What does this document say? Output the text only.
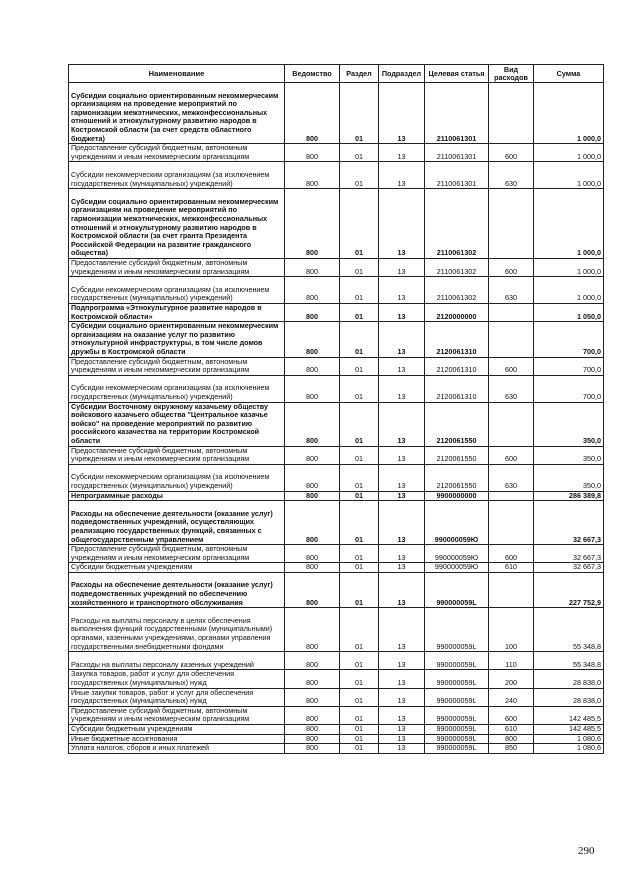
Наименование	Ведомство	Раздел	Подраздел	Целевая статья	Вид расходов	Сумма
Субсидии социально ориентированным некоммерческим организациям на проведение мероприятий по гармонизации межэтнических, межконфессиональных отношений и этнокультурному развитию народов в Костромской области (за счет средств областного бюджета)	800	01	13	2110061301		1 000,0
Предоставление субсидий бюджетным, автономным учреждениям и иным некоммерческим организациям	800	01	13	2110061301	600	1 000,0
Субсидии некоммерческим организациям (за исключением государственных (муниципальных) учреждений)	800	01	13	2110061301	630	1 000,0
Субсидии социально ориентированным некоммерческим организациям на проведение мероприятий по гармонизации межэтнических, межконфессиональных отношений и этнокультурному развитию народов в Костромской области (за счет гранта Президента Российской Федерации на развитие гражданского общества)	800	01	13	2110061302		1 000,0
Предоставление субсидий бюджетным, автономным учреждениям и иным некоммерческим организациям	800	01	13	2110061302	600	1 000,0
Субсидии некоммерческим организациям (за исключением государственных (муниципальных) учреждений)	800	01	13	2110061302	630	1 000,0
Подпрограмма «Этнокультурное развитие народов в Костромской области»	800	01	13	2120000000		1 050,0
Субсидии социально ориентированным некоммерческим организациям на оказание услуг по развитию этнокультурной инфраструктуры, в том числе домов дружбы в Костромской области	800	01	13	2120061310		700,0
Предоставление субсидий бюджетным, автономным учреждениям и иным некоммерческим организациям	800	01	13	2120061310	600	700,0
Субсидии некоммерческим организациям (за исключением государственных (муниципальных) учреждений)	800	01	13	2120061310	630	700,0
Субсидии Восточному окружному казачьему обществу войскового казачьего общества "Центральное казачье войско" на проведение мероприятий по развитию российского казачества на территории Костромской области	800	01	13	2120061550		350,0
Предоставление субсидий бюджетным, автономным учреждениям и иным некоммерческим организациям	800	01	13	2120061550	600	350,0
Субсидии некоммерческим организациям (за исключением государственных (муниципальных) учреждений)	800	01	13	2120061550	630	350,0
Непрограммные расходы	800	01	13	9900000000		286 389,8
Расходы на обеспечение деятельности (оказание услуг) подведомственных учреждений, осуществляющих реализацию государственных функций, связанных с общегосударственным управлением	800	01	13	990000059Ю		32 667,3
Предоставление субсидий бюджетным, автономным учреждениям и иным некоммерческим организациям	800	01	13	990000059Ю	600	32 667,3
Субсидии бюджетным учреждениям	800	01	13	990000059Ю	610	32 667,3
Расходы на обеспечение деятельности (оказание услуг) подведомственных учреждений по обеспечению хозяйственного и транспортного обслуживания	800	01	13	990000059L		227 752,9
Расходы на выплаты персоналу в целях обеспечения выполнения функций государственными (муниципальными) органами, казенными учреждениями, органами управления государственными внебюджетными фондами	800	01	13	990000059L	100	55 348,8
Расходы на выплаты персоналу казенных учреждений	800	01	13	990000059L	110	55 348,8
Закупка товаров, работ и услуг для обеспечения государственных (муниципальных) нужд	800	01	13	990000059L	200	28 838,0
Иные закупки товаров, работ и услуг для обеспечения государственных (муниципальных) нужд	800	01	13	990000059L	240	28 838,0
Предоставление субсидий бюджетным, автономным учреждениям и иным некоммерческим организациям	800	01	13	990000059L	600	142 485,5
Субсидии бюджетным учреждениям	800	01	13	990000059L	610	142 485,5
Иные бюджетные ассигнования	800	01	13	990000059L	800	1 080,6
Уплата налогов, сборов и иных платежей	800	01	13	990000059L	850	1 080,6
290
